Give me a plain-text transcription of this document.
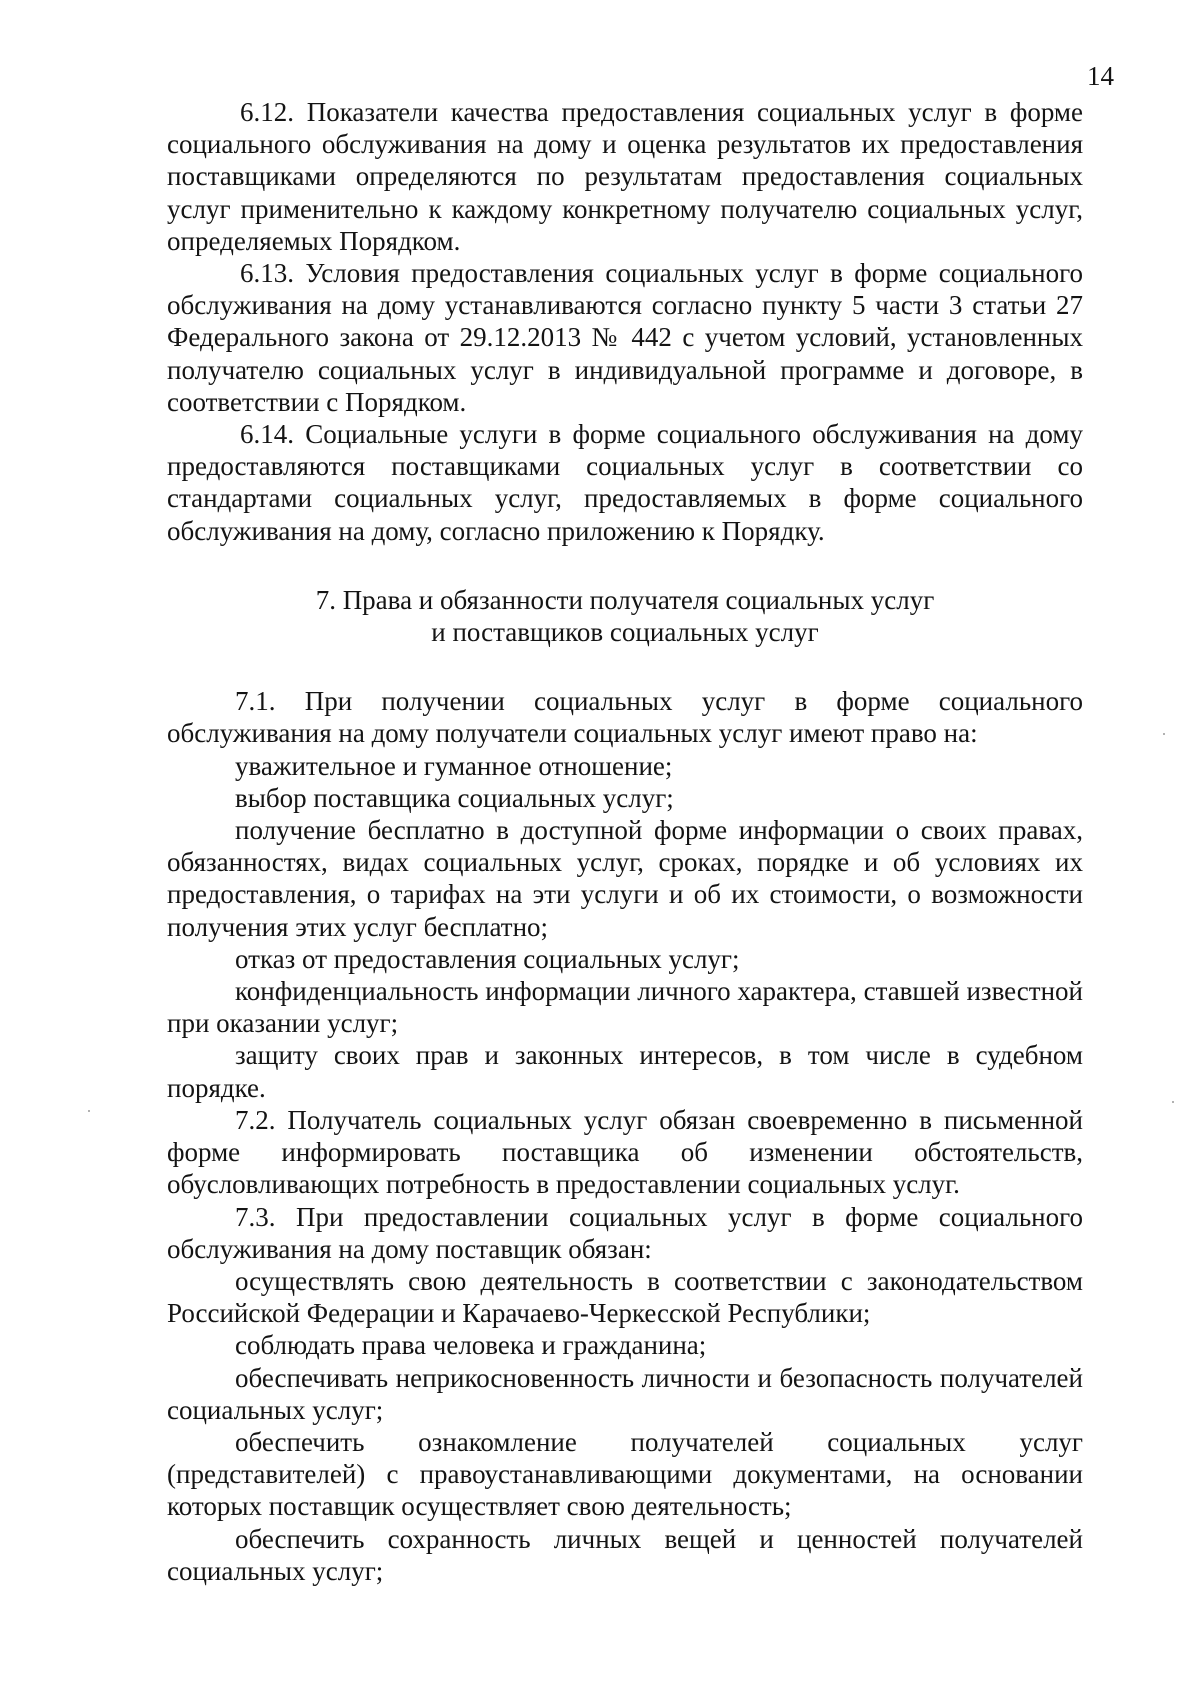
14

6.12. Показатели качества предоставления социальных услуг в форме социального обслуживания на дому и оценка результатов их предоставления поставщиками определяются по результатам предоставления социальных услуг применительно к каждому конкретному получателю социальных услуг, определяемых Порядком.

6.13. Условия предоставления социальных услуг в форме социального обслуживания на дому устанавливаются согласно пункту 5 части 3 статьи 27 Федерального закона от 29.12.2013 № 442 с учетом условий, установленных получателю социальных услуг в индивидуальной программе и договоре, в соответствии с Порядком.

6.14. Социальные услуги в форме социального обслуживания на дому предоставляются поставщиками социальных услуг в соответствии со стандартами социальных услуг, предоставляемых в форме социального обслуживания на дому, согласно приложению к Порядку.

7. Права и обязанности получателя социальных услуг
и поставщиков социальных услуг

7.1. При получении социальных услуг в форме социального обслуживания на дому получатели социальных услуг имеют право на:

уважительное и гуманное отношение;

выбор поставщика социальных услуг;

получение бесплатно в доступной форме информации о своих правах, обязанностях, видах социальных услуг, сроках, порядке и об условиях их предоставления, о тарифах на эти услуги и об их стоимости, о возможности получения этих услуг бесплатно;

отказ от предоставления социальных услуг;

конфиденциальность информации личного характера, ставшей известной при оказании услуг;

защиту своих прав и законных интересов, в том числе в судебном порядке.

7.2. Получатель социальных услуг обязан своевременно в письменной форме информировать поставщика об изменении обстоятельств, обусловливающих потребность в предоставлении социальных услуг.

7.3. При предоставлении социальных услуг в форме социального обслуживания на дому поставщик обязан:

осуществлять свою деятельность в соответствии с законодательством Российской Федерации и Карачаево-Черкесской Республики;

соблюдать права человека и гражданина;

обеспечивать неприкосновенность личности и безопасность получателей социальных услуг;

обеспечить ознакомление получателей социальных услуг (представителей) с правоустанавливающими документами, на основании которых поставщик осуществляет свою деятельность;

обеспечить сохранность личных вещей и ценностей получателей социальных услуг;
